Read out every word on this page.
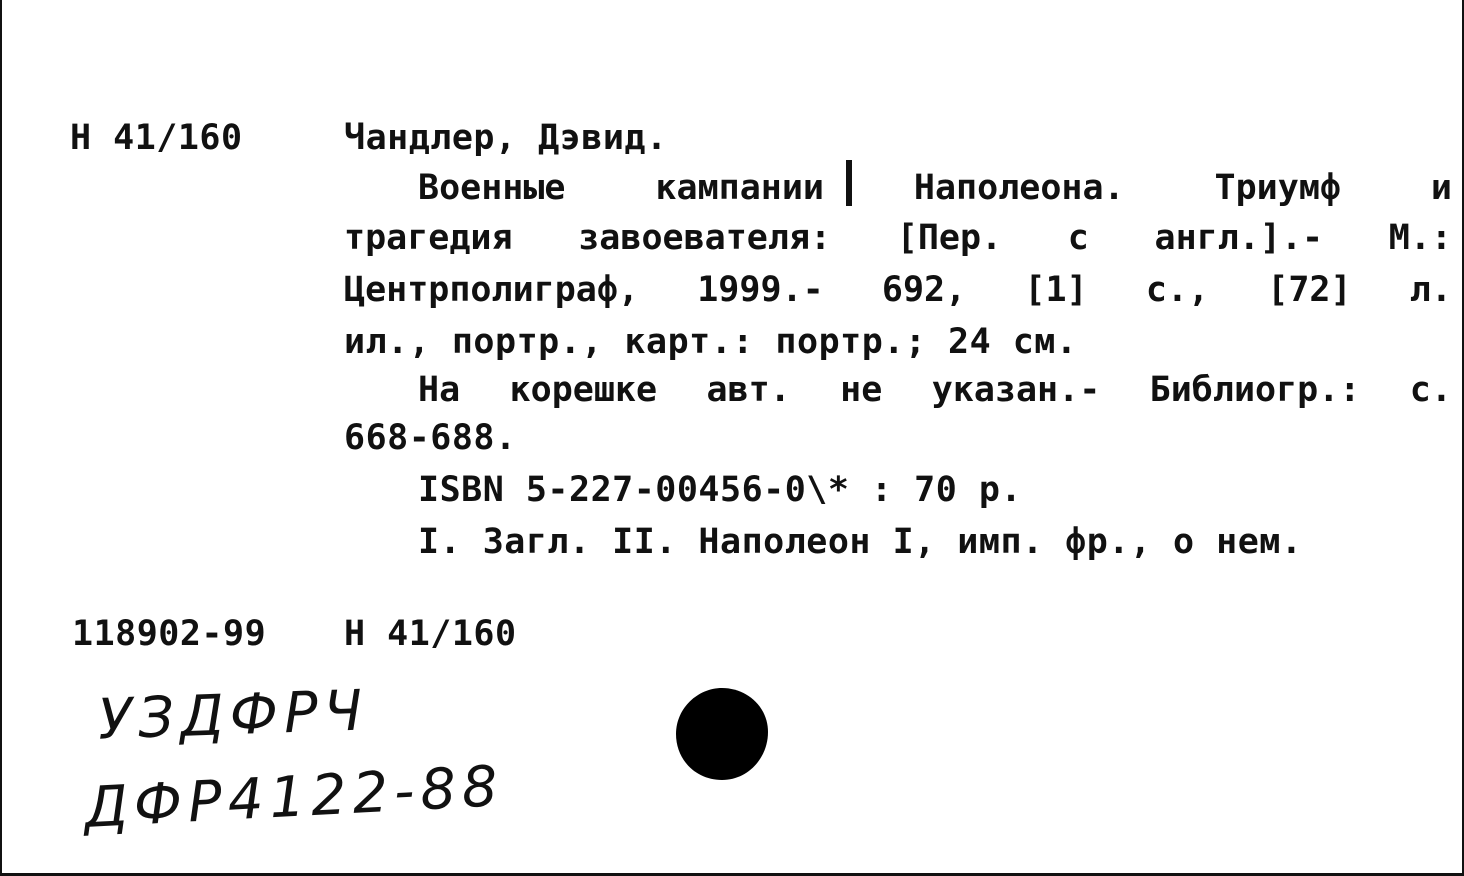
Н 41/160	Чандлер, Дэвид.
Военные	кампании	Наполеона.	Триумф	и
трагедия завоевателя: [Пер. с англ.].- М.:
Центрполиграф, 1999.- 692, [1] с., [72] л.
ил., портр., карт.: портр.; 24 см.
На корешке авт. не указан.- Библиогр.: с.
668-688.
ISBN 5-227-00456-0\* : 70 р.
I. Загл. II. Наполеон I, имп. фр., о нем.
118902-99 Н 41/160
УЗДФРЧ
ДФР4122-88
